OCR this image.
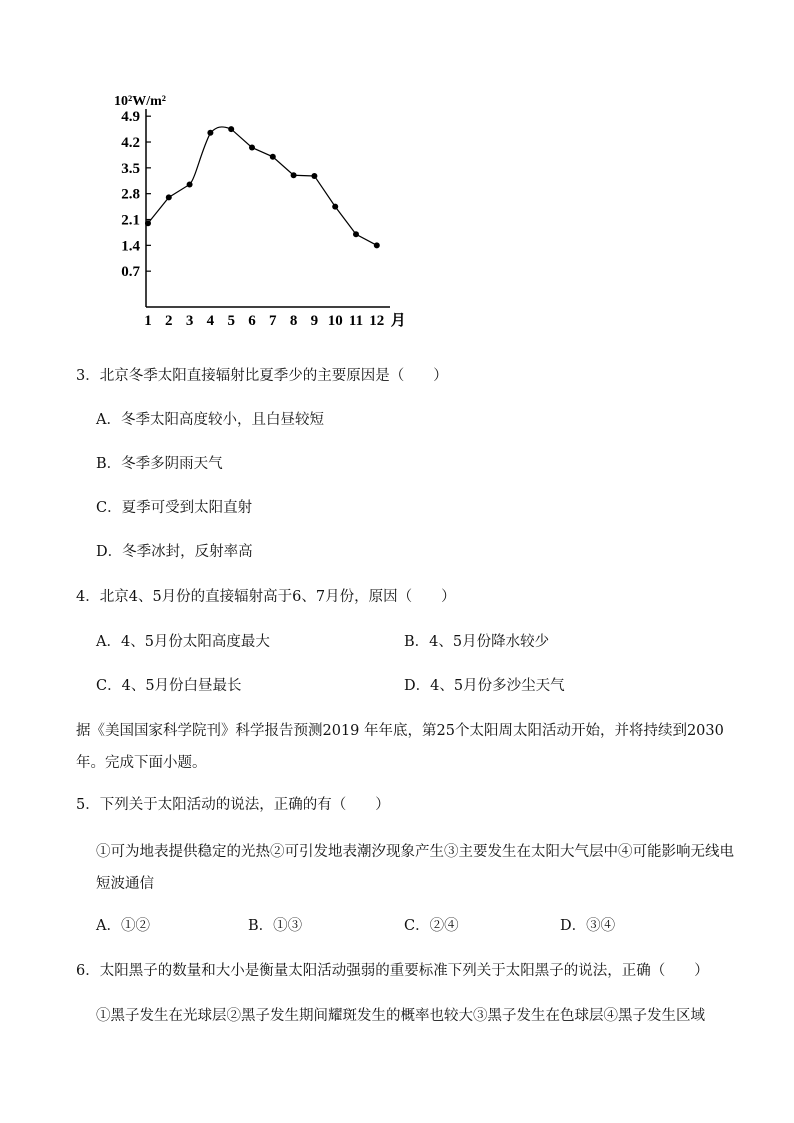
10²W/m²
4.9
4.2
3.5
2.8
2.1
1.4
0.7
1 2 3 4 5 6 7 8 9 10 11 12 月
3．北京冬季太阳直接辐射比夏季少的主要原因是（　　）
A．冬季太阳高度较小，且白昼较短
B．冬季多阴雨天气
C．夏季可受到太阳直射
D．冬季冰封，反射率高
4．北京4、5月份的直接辐射高于6、7月份，原因（　　）
A．4、5月份太阳高度最大	B．4、5月份降水较少
C．4、5月份白昼最长	D．4、5月份多沙尘天气
据《美国国家科学院刊》科学报告预测2019 年年底，第25个太阳周太阳活动开始，并将持续到2030年。完成下面小题。
5．下列关于太阳活动的说法，正确的有（　　）
①可为地表提供稳定的光热②可引发地表潮汐现象产生③主要发生在太阳大气层中④可能影响无线电短波通信
A．①②	B．①③	C．②④	D．③④
6．太阳黑子的数量和大小是衡量太阳活动强弱的重要标准下列关于太阳黑子的说法，正确（　　）
①黑子发生在光球层②黑子发生期间耀斑发生的概率也较大③黑子发生在色球层④黑子发生区域
